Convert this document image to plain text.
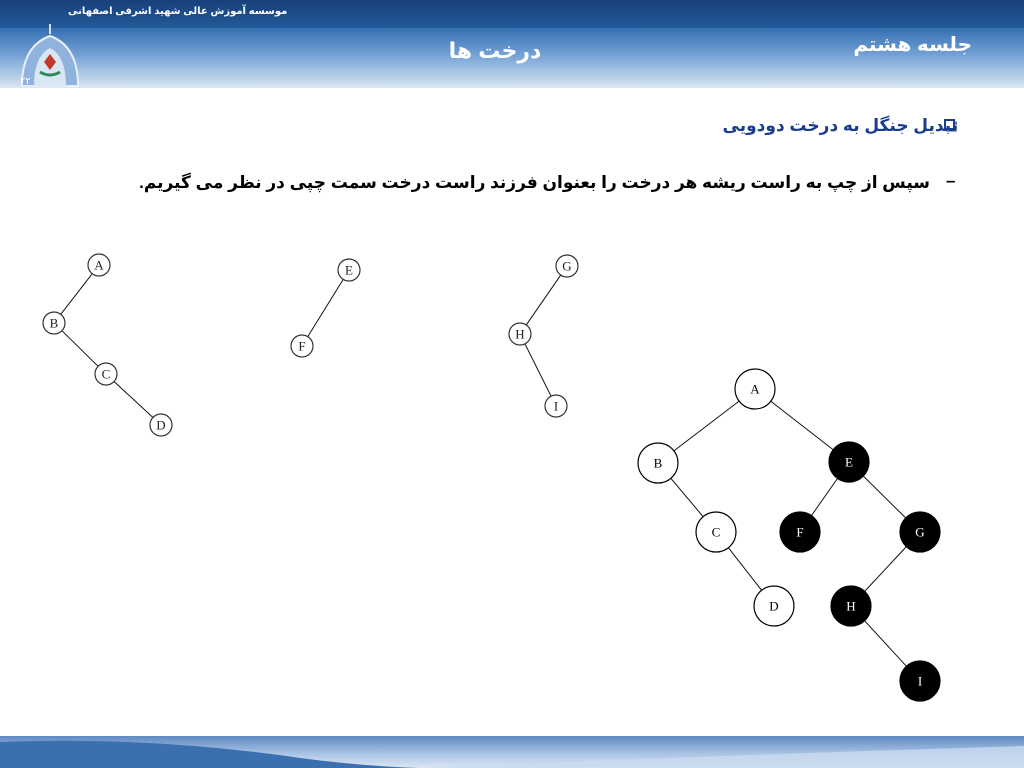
۲۲
موسسه آموزش عالی شهید اشرفی اصفهانی
درخت ها	جلسه هشتم
تبدیل جنگل به درخت دودویی
–
سپس از چپ به راست ریشه هر درخت را بعنوان فرزند راست درخت سمت چپی در نظر می گیریم.
A
B
C
D
E
F
G
H
I
A
B	E
C	F	G
D	H
I
